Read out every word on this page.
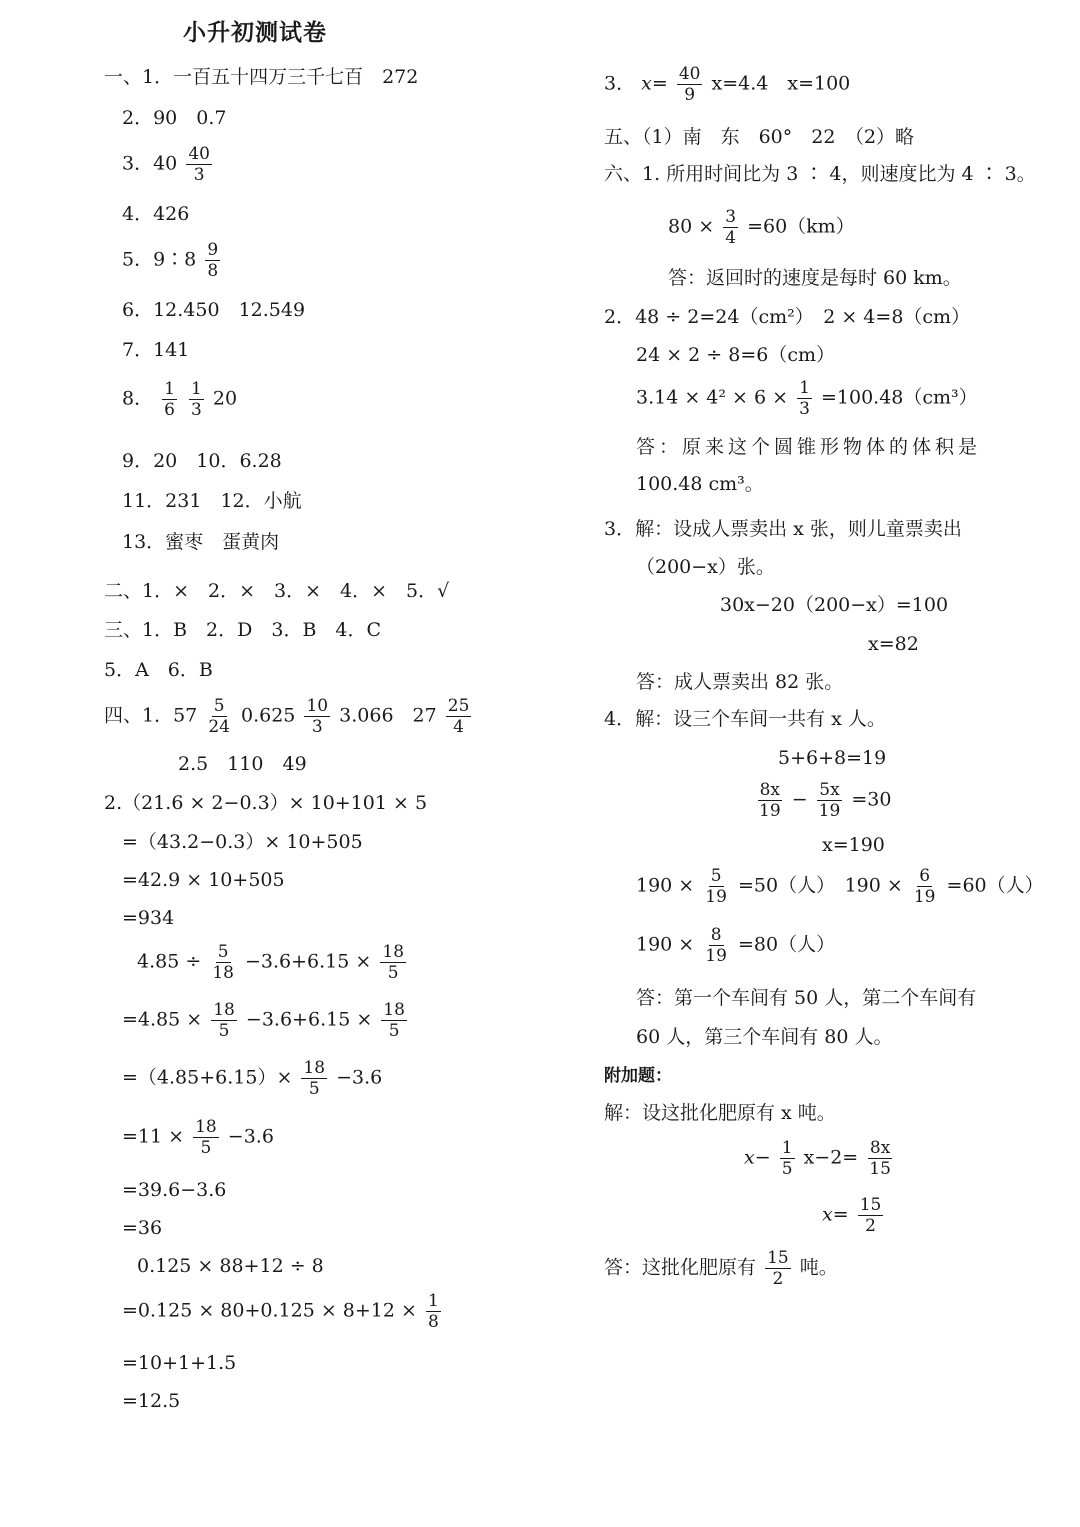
小升初测试卷
一、1．一百五十四万三千七百　272
2．90　0.7
3．$40 \frac{40}{3}$
4．426
5．9∶8 $\frac{9}{8}$
6．12.450　12.549
7．141
8． $\frac{1}{6}$
$\frac{1}{3} 20$
9．20　10．6.28
11．231　12．小航
13．蜜枣　蛋黄肉
二、1．×　2．×　3．×　4．×　5．√
三、1．B　2．D　3．B　4．C
5．A　6．B
四、1．$57 \frac{5}{24} 0.625 \frac{10}{3} 3.066$　$27 \frac{25}{4}$
2.5　110　49
2.（21.6 × 2−0.3）× 10+101 × 5
=（43.2−0.3）× 10+505
=42.9 × 10+505
=934
$4.85 \div \frac{5}{18} -3.6+6.15 \times \frac{18}{5}$
$=4.85 \times \frac{18}{5} -3.6+6.15 \times \frac{18}{5}$
$=(4.85+6.15)\times \frac{18}{5} -3.6$
$=11 \times \frac{18}{5} -3.6$
=39.6−3.6
=36
0.125 × 88+12 ÷ 8
$=0.125 \times 80+0.125 \times 8+12 \times \frac{1}{8}$
=10+1+1.5
=12.5
3． $x= \frac{40}{9} x=4.4$　x=100
五、（1）南　东　60°　22　（2）略
六、1. 所用时间比为 3 ∶ 4，则速度比为 4 ∶ 3。
$80 \times \frac{3}{4} =60(km)$
答：返回时的速度是每时 60 km。
2．48 ÷ 2=24（cm²）　2 × 4=8（cm）
24 × 2 ÷ 8=6（cm）
$3.14 \times 4^2 \times 6 \times \frac{1}{3} =100.48(cm^3)$
答：原来这个圆锥形物体的体积是
100.48 cm³。
3．解：设成人票卖出 x 张，则儿童票卖出
（200−x）张。
30x−20（200−x）=100
x=82
答：成人票卖出 82 张。
4．解：设三个车间一共有 x 人。
5+6+8=19
$\frac{8x}{19} - \frac{5x}{19} =30$
x=190
$190 \times \frac{5}{19} =50$（人）　$190 \times \frac{6}{19} =60$（人）
$190 \times \frac{8}{19} =80$（人）
答：第一个车间有 50 人，第二个车间有
60 人，第三个车间有 80 人。
附加题：
解：设这批化肥原有 x 吨。
$x- \frac{1}{5} x-2= \frac{8x}{15}$
$x= \frac{15}{2}$
答：这批化肥原有 $\frac{15}{2}$ 吨。
